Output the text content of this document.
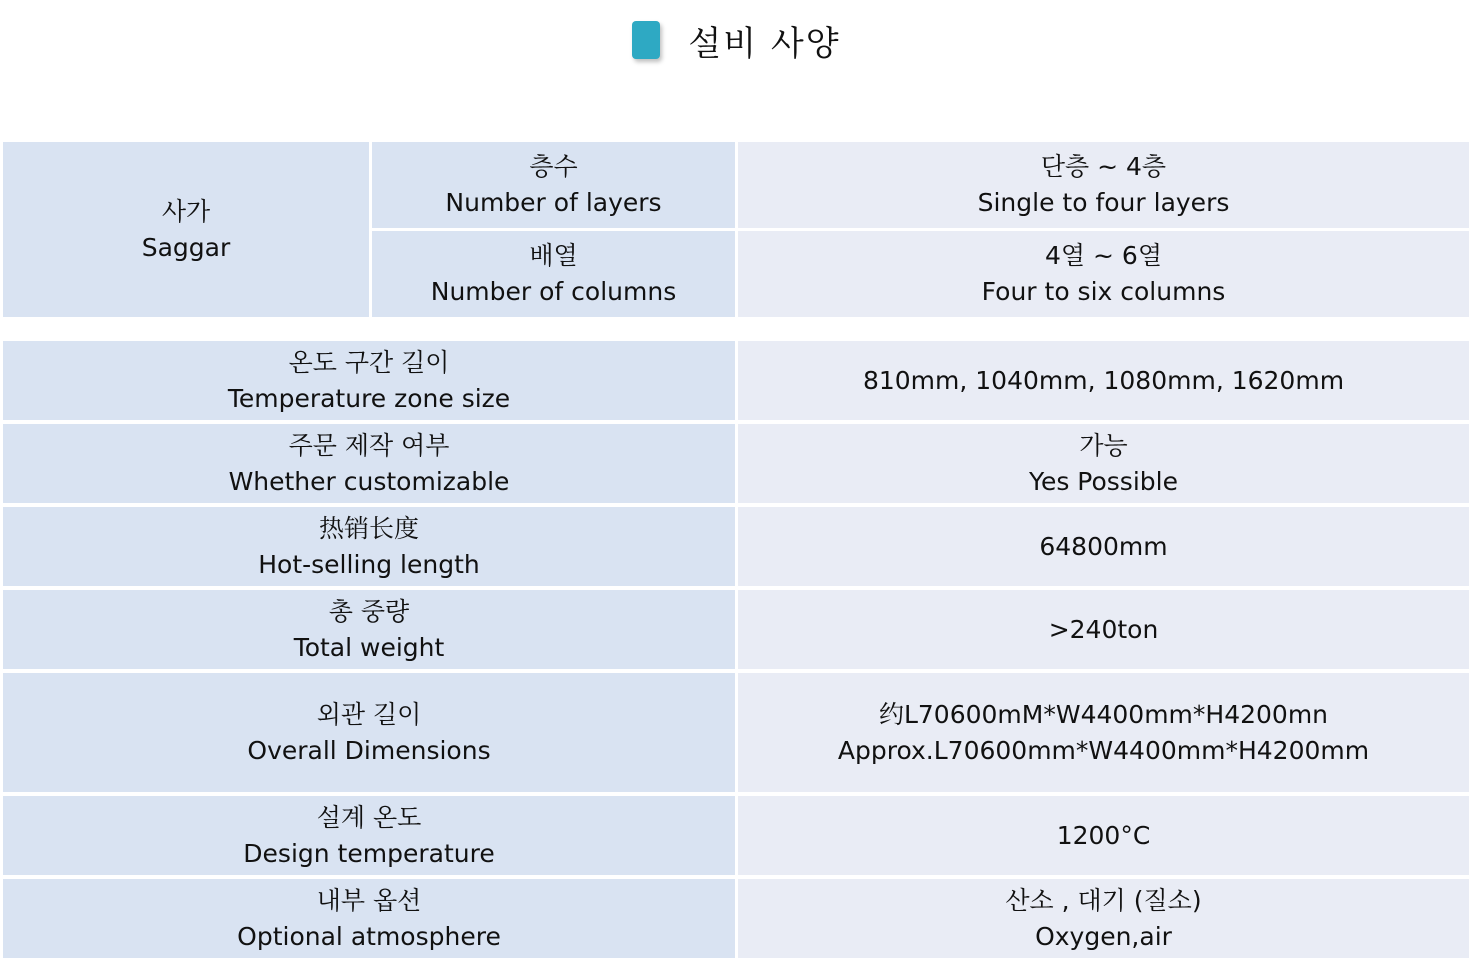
설비 사양
사가
Saggar
층수
Number of layers
단층 ~ 4층
Single to four layers
배열
Number of columns
4열 ~ 6열
Four to six columns
온도 구간 길이
Temperature zone size
810mm, 1040mm, 1080mm, 1620mm
주문 제작 여부
Whether customizable
가능
Yes Possible
热销长度
Hot-selling length
64800mm
총 중량
Total weight
>240ton
외관 길이
Overall Dimensions
约L70600mM*W4400mm*H4200mn
Approx.L70600mm*W4400mm*H4200mm
설계 온도
Design temperature
1200°C
내부 옵션
Optional atmosphere
산소 , 대기 (질소)
Oxygen,air
